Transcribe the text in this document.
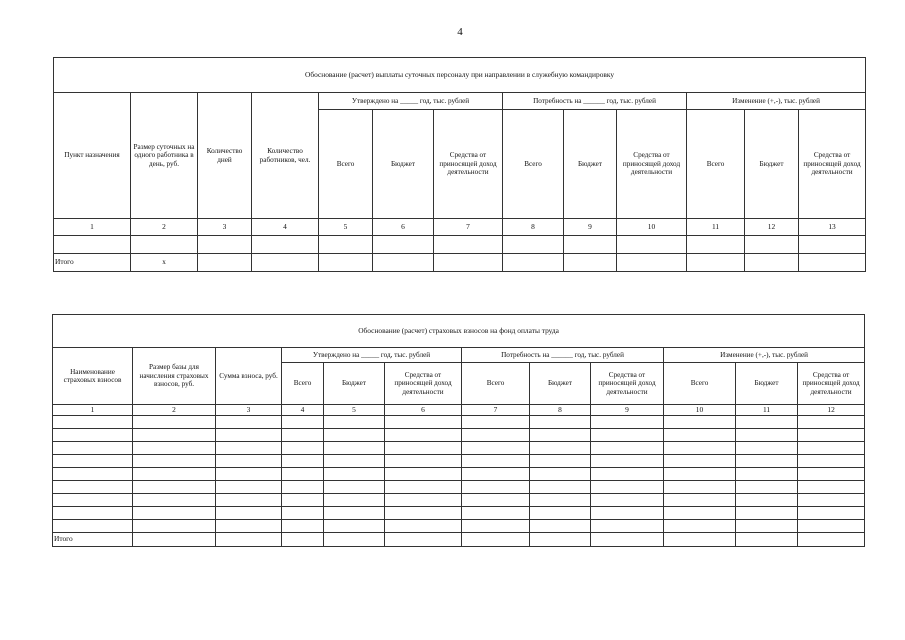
4
Обоснование (расчет) выплаты суточных персоналу при направлении в служебную командировку												
Пункт назначения	Размер суточных на одного работника в день, руб.	Количество дней	Количество работников, чел.	Утверждено на _____ год, тыс. рублей			Потребность на ______ год, тыс. рублей			Изменение (+,-), тыс. рублей		
				Всего	Бюджет	Средства от приносящей доход деятельности	Всего	Бюджет	Средства от приносящей доход деятельности	Всего	Бюджет	Средства от приносящей доход деятельности
1	2	3	4	5	6	7	8	9	10	11	12	13

Итого	х											
Обоснование (расчет) страховых взносов на фонд оплаты труда											
Наименование страховых взносов	Размер базы для начисления страховых взносов, руб.	Сумма взноса, руб.	Утверждено на _____ год, тыс. рублей			Потребность на ______ год, тыс. рублей			Изменение (+,-), тыс. рублей		
			Всего	Бюджет	Средства от приносящей доход деятельности	Всего	Бюджет	Средства от приносящей доход деятельности	Всего	Бюджет	Средства от приносящей доход деятельности
1	2	3	4	5	6	7	8	9	10	11	12

Итого											
